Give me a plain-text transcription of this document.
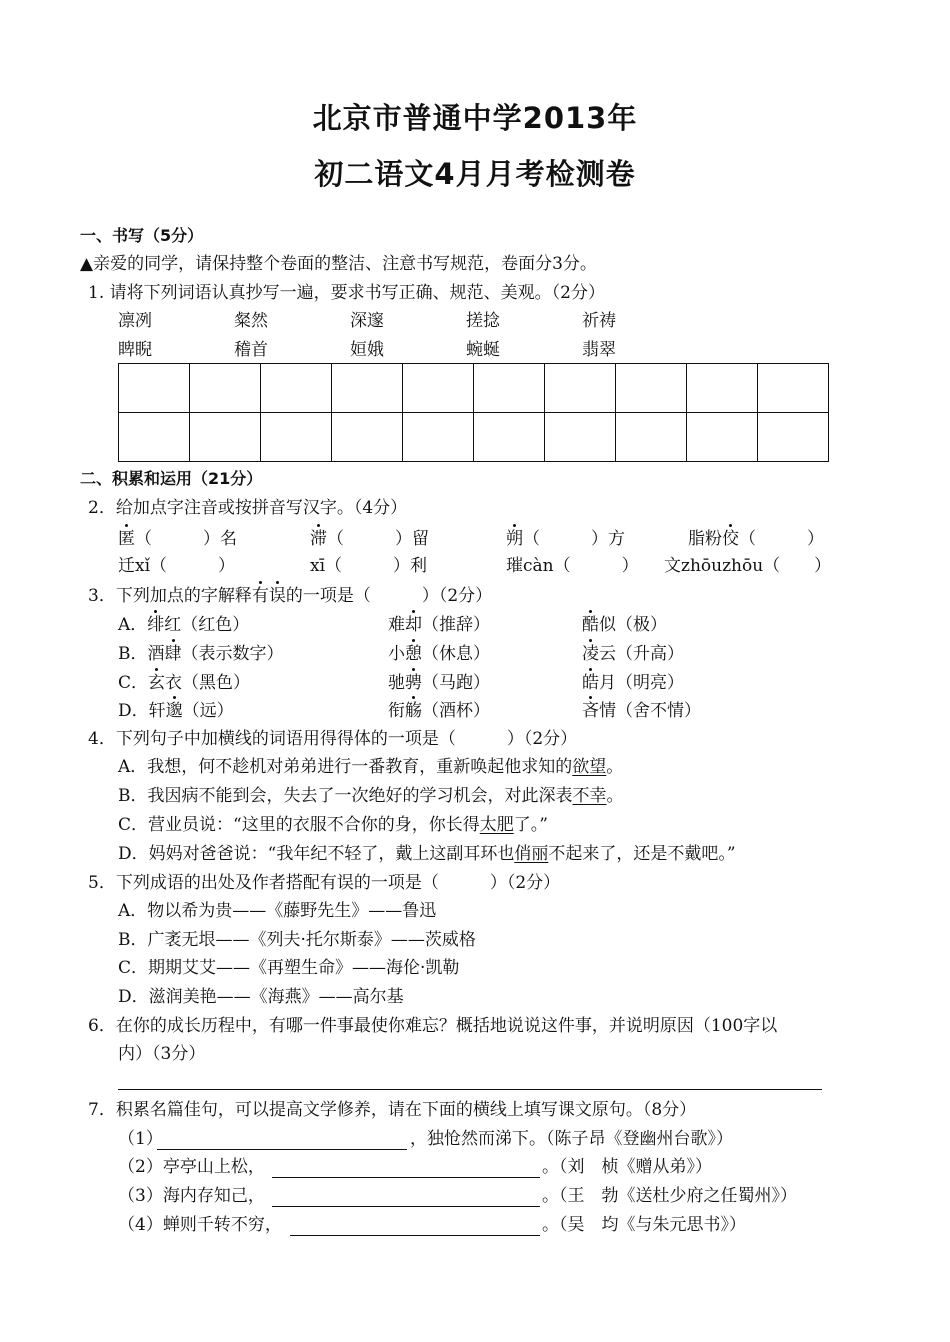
北京市普通中学2013年
初二语文4月月考检测卷
一、书写（5分）
▲亲爱的同学，请保持整个卷面的整洁、注意书写规范，卷面分3分。
1. 请将下列词语认真抄写一遍，要求书写正确、规范、美观。（2分）
凛冽	粲然	深邃	搓捻	祈祷
睥睨	稽首	姮娥	蜿蜒	翡翠

二、积累和运用（21分）
2．给加点字注音或按拼音写汉字。（4分）
匿（　　　）名	滞（　　　）留	朔（　　　）方	脂粉佼（　　　）
迁xǐ（　　　）	xī（　　　）利	璀càn（　　　） 文zhōuzhōu（　　）
3．下列加点的字解释有误的一项是（　　　）（2分）
A．绯红（红色）	难却（推辞）	酷似（极）
B．酒肆（表示数字）	小憩（休息）	凌云（升高）
C．玄衣（黑色）	驰骋（马跑）	皓月（明亮）
D．轩邈（远）	衔觞（酒杯）	吝情（舍不情）
4．下列句子中加横线的词语用得得体的一项是（　　　）（2分）
A．我想，何不趁机对弟弟进行一番教育，重新唤起他求知的欲望。
B．我因病不能到会，失去了一次绝好的学习机会，对此深表不幸。
C．营业员说：“这里的衣服不合你的身，你长得太肥了。”
D．妈妈对爸爸说：“我年纪不轻了，戴上这副耳环也俏丽不起来了，还是不戴吧。”
5．下列成语的出处及作者搭配有误的一项是（　　　）（2分）
A．物以希为贵——《藤野先生》——鲁迅
B．广袤无垠——《列夫·托尔斯泰》——茨威格
C．期期艾艾——《再塑生命》——海伦·凯勒
D．滋润美艳——《海燕》——高尔基
6．在你的成长历程中，有哪一件事最使你难忘？概括地说说这件事，并说明原因（100字以
内）（3分）
7．积累名篇佳句，可以提高文学修养，请在下面的横线上填写课文原句。（8分）
（1）	，独怆然而涕下。（陈子昂《登幽州台歌》）
（2）亭亭山上松，	。（刘　桢《赠从弟》）
（3）海内存知己，	。（王　勃《送杜少府之任蜀州》）
（4）蝉则千转不穷，	。（吴　均《与朱元思书》）
